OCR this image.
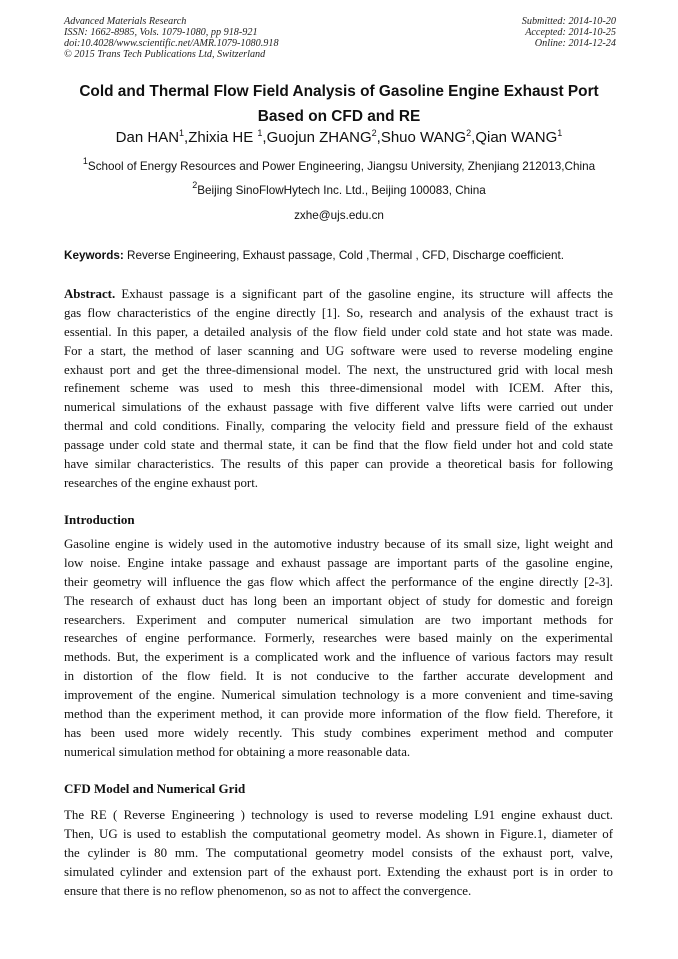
Advanced Materials Research
ISSN: 1662-8985, Vols. 1079-1080, pp 918-921
doi:10.4028/www.scientific.net/AMR.1079-1080.918
© 2015 Trans Tech Publications Ltd, Switzerland
Submitted: 2014-10-20
Accepted: 2014-10-25
Online: 2014-12-24
Cold and Thermal Flow Field Analysis of Gasoline Engine Exhaust Port
Based on CFD and RE
Dan HAN$^1$,Zhixia HE $^1$,Guojun ZHANG$^2$,Shuo WANG$^2$,Qian WANG$^1$
$^1$School of Energy Resources and Power Engineering, Jiangsu University, Zhenjiang 212013,China
$^2$Beijing SinoFlowHytech Inc. Ltd., Beijing 100083, China
zxhe@ujs.edu.cn
Keywords: Reverse Engineering, Exhaust passage, Cold ,Thermal , CFD, Discharge coefficient.
Abstract. Exhaust passage is a significant part of the gasoline engine, its structure will affects the
gas flow characteristics of the engine directly [1]. So, research and analysis of the exhaust tract is
essential. In this paper, a detailed analysis of the flow field under cold state and hot state was made.
For a start, the method of laser scanning and UG software were used to reverse modeling engine
exhaust port and get the three-dimensional model. The next, the unstructured grid with local mesh
refinement scheme was used to mesh this three-dimensional model with ICEM. After this,
numerical simulations of the exhaust passage with five different valve lifts were carried out under
thermal and cold conditions. Finally, comparing the velocity field and pressure field of the exhaust
passage under cold state and thermal state, it can be find that the flow field under hot and cold state
have similar characteristics. The results of this paper can provide a theoretical basis for following
researches of the engine exhaust port.
Introduction
Gasoline engine is widely used in the automotive industry because of its small size, light weight and
low noise. Engine intake passage and exhaust passage are important parts of the gasoline engine,
their geometry will influence the gas flow which affect the performance of the engine directly [2-3].
The research of exhaust duct has long been an important object of study for domestic and foreign
researchers. Experiment and computer numerical simulation are two important methods for
researches of engine performance. Formerly, researches were based mainly on the experimental
methods. But, the experiment is a complicated work and the influence of various factors may result
in distortion of the flow field. It is not conducive to the farther accurate development and
improvement of the engine. Numerical simulation technology is a more convenient and time-saving
method than the experiment method, it can provide more information of the flow field. Therefore, it
has been used more widely recently. This study combines experiment method and computer
numerical simulation method for obtaining a more reasonable data.
CFD Model and Numerical Grid
The RE ( Reverse Engineering ) technology is used to reverse modeling L91 engine exhaust duct.
Then, UG is used to establish the computational geometry model. As shown in Figure.1, diameter of
the cylinder is 80 mm. The computational geometry model consists of the exhaust port, valve,
simulated cylinder and extension part of the exhaust port. Extending the exhaust port is in order to
ensure that there is no reflow phenomenon, so as not to affect the convergence.
